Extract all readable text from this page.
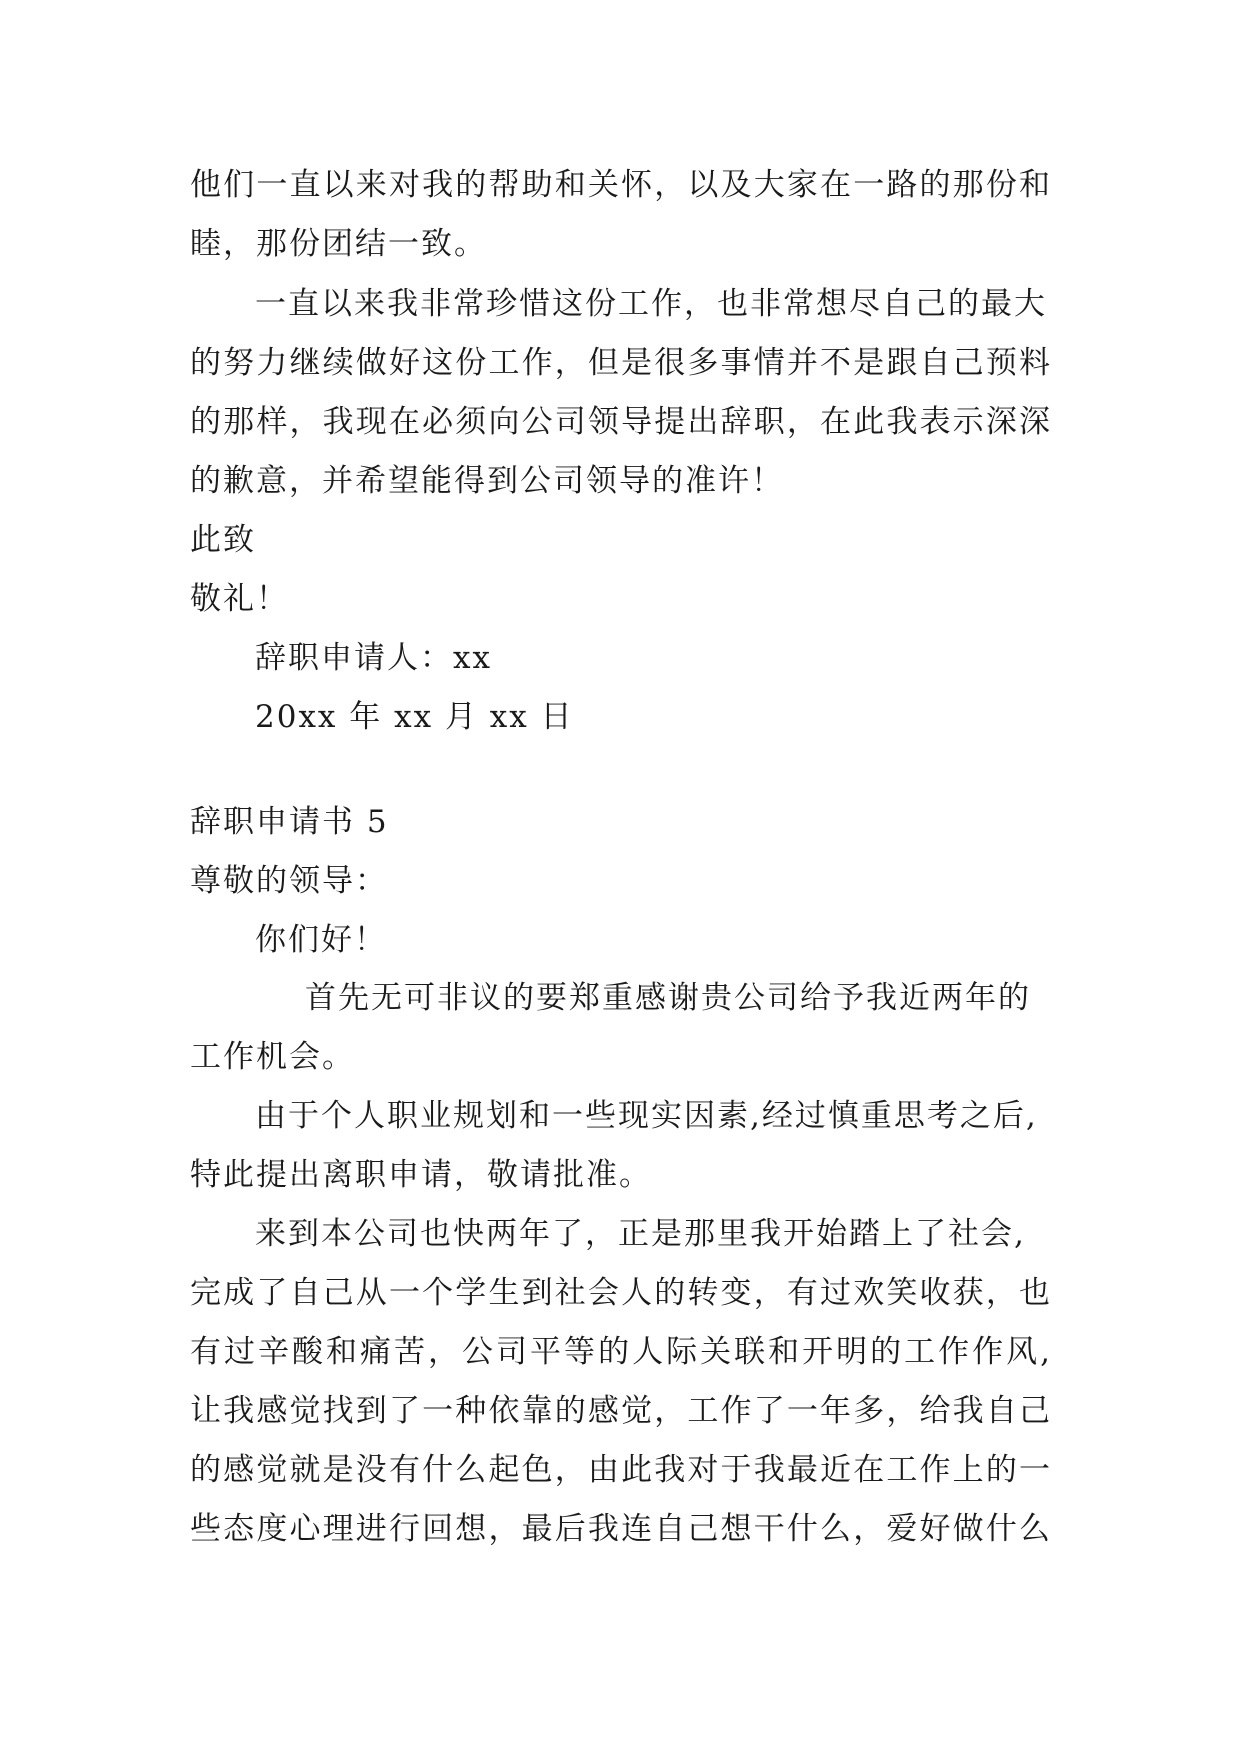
他们一直以来对我的帮助和关怀，以及大家在一路的那份和
睦，那份团结一致。
一直以来我非常珍惜这份工作，也非常想尽自己的最大
的努力继续做好这份工作，但是很多事情并不是跟自己预料
的那样，我现在必须向公司领导提出辞职，在此我表示深深
的歉意，并希望能得到公司领导的准许！
此致
敬礼！
辞职申请人：xx
20xx 年 xx 月 xx 日
辞职申请书 5
尊敬的领导：
你们好！
首先无可非议的要郑重感谢贵公司给予我近两年的
工作机会。
由于个人职业规划和一些现实因素,经过慎重思考之后,
特此提出离职申请，敬请批准。
来到本公司也快两年了，正是那里我开始踏上了社会,
完成了自己从一个学生到社会人的转变，有过欢笑收获，也
有过辛酸和痛苦，公司平等的人际关联和开明的工作作风,
让我感觉找到了一种依靠的感觉，工作了一年多，给我自己
的感觉就是没有什么起色，由此我对于我最近在工作上的一
些态度心理进行回想，最后我连自己想干什么，爱好做什么
